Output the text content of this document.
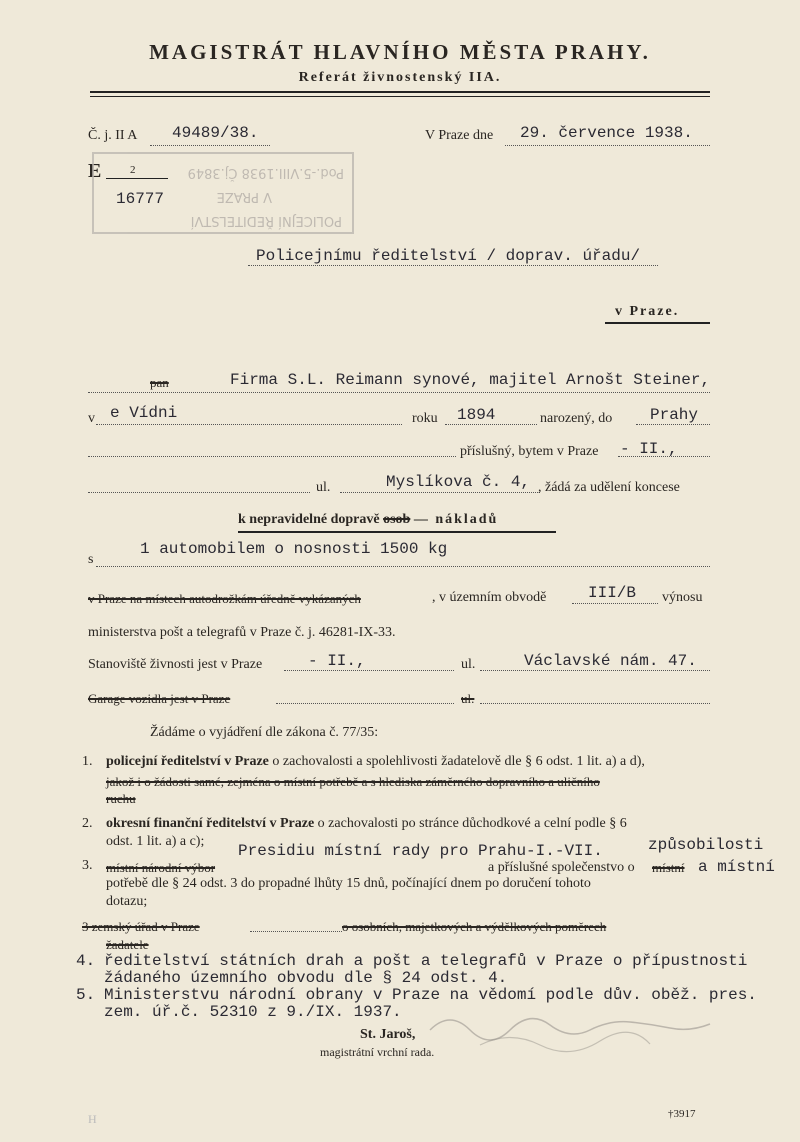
MAGISTRÁT HLAVNÍHO MĚSTA PRAHY.
Referát živnostenský IIA.
Č. j. II A 49489/38.	V Praze dne 29. července 1938.
E	2
16777
POLICEJNÍ ŘEDITELSTVÍ
V PRAZE
Pod.-5.VIII.1938 Čj.3849
Policejnímu ředitelství / doprav. úřadu/
v Praze.
pan	Firma S.L. Reimann synové, majitel Arnošt Steiner,
v e Vídni	roku 1894	narozený, do Prahy
příslušný, bytem v Praze - II.,
ul.	Myslíkova č. 4, , žádá za udělení koncese
k nepravidelné dopravě osob — nákladů
s
1 automobilem o nosnosti 1500 kg
v Praze na místech autodrožkám úředně vykázaných	, v územním obvodě	III/B výnosu
ministerstva pošt a telegrafů v Praze č. j. 46281-IX-33.
Stanoviště živnosti jest v Praze	- II.,	ul.	Václavské nám. 47.
Garage vozidla jest v Praze	ul.
Žádáme o vyjádření dle zákona č. 77/35:
1. policejní ředitelství v Praze o zachovalosti a spolehlivosti žadatelově dle § 6 odst. 1 lit. a) a d),
jakož i o žádosti samé, zejména o místní potřebě a s hlediska záměrného dopravního a uličního
ruchu
2. okresní finanční ředitelství v Praze o zachovalosti po stránce důchodkové a celní podle § 6
odst. 1 lit. a) a c);
3. místní národní výbor
Presidiu místní rady pro Prahu-I.-VII.
a příslušné společenstvo o místní
způsobilosti
a místní
potřebě dle § 24 odst. 3 do propadné lhůty 15 dnů, počínající dnem po doručení tohoto
dotazu;
3 zemský úřad v Praze	o osobních, majetkových a výdělkových poměrech
žadatele
4. ředitelství státních drah a pošt a telegrafů v Praze o přípustnosti
žádaného územního obvodu dle § 24 odst. 4.
5. Ministerstvu národní obrany v Praze na vědomí podle dův. oběž. pres.
zem. úř.č. 52310 z 9./IX. 1937.
St. Jaroš,
magistrátní vrchní rada.
H	†3917
